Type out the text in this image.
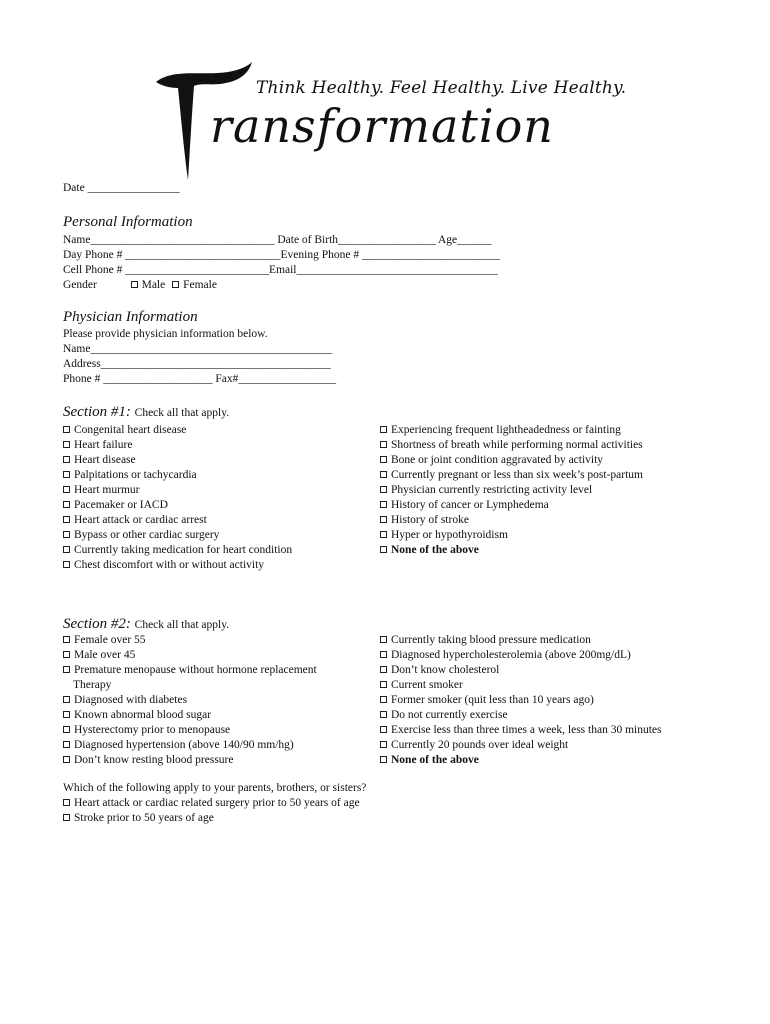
Think Healthy. Feel Healthy. Live Healthy.
ransformation
Date ________________
Personal Information
Name________________________________ Date of Birth_________________ Age______
Day Phone # ___________________________Evening Phone # ________________________
Cell Phone # _________________________Email___________________________________
Gender	Male Female
Physician Information
Please provide physician information below.
Name__________________________________________
Address________________________________________
Phone # ___________________ Fax#_________________
Section #1: Check all that apply.
Congenital heart disease
Heart failure
Heart disease
Palpitations or tachycardia
Heart murmur
Pacemaker or IACD
Heart attack or cardiac arrest
Bypass or other cardiac surgery
Currently taking medication for heart condition
Chest discomfort with or without activity
Experiencing frequent lightheadedness or fainting
Shortness of breath while performing normal activities
Bone or joint condition aggravated by activity
Currently pregnant or less than six week’s post-partum
Physician currently restricting activity level
History of cancer or Lymphedema
History of stroke
Hyper or hypothyroidism
None of the above
Section #2: Check all that apply.
Female over 55
Male over 45
Premature menopause without hormone replacement
Therapy
Diagnosed with diabetes
Known abnormal blood sugar
Hysterectomy prior to menopause
Diagnosed hypertension (above 140/90 mm/hg)
Don’t know resting blood pressure
Currently taking blood pressure medication
Diagnosed hypercholesterolemia (above 200mg/dL)
Don’t know cholesterol
Current smoker
Former smoker (quit less than 10 years ago)
Do not currently exercise
Exercise less than three times a week, less than 30 minutes
Currently 20 pounds over ideal weight
None of the above
Which of the following apply to your parents, brothers, or sisters?
Heart attack or cardiac related surgery prior to 50 years of age
Stroke prior to 50 years of age
